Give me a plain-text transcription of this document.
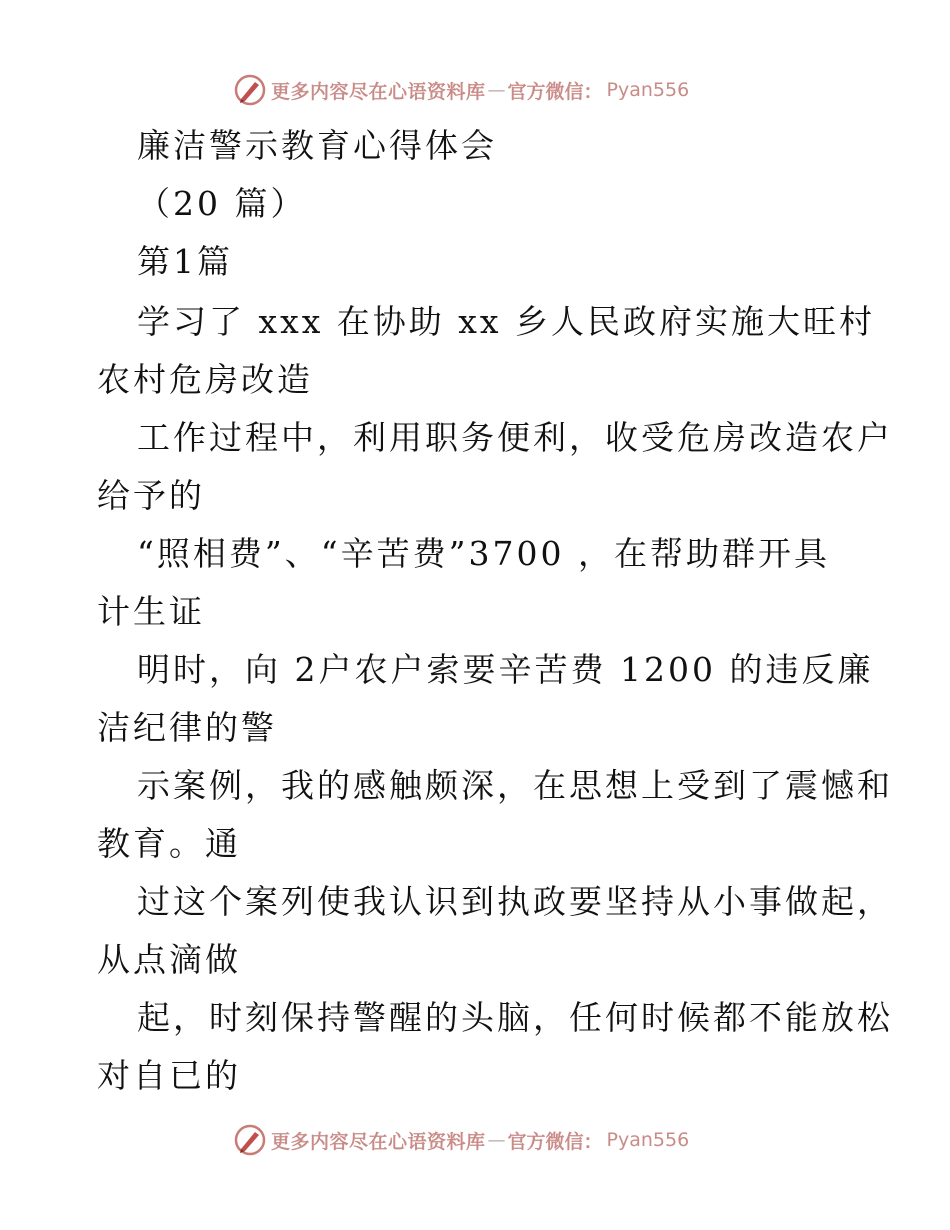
更多内容尽在心语资料库 — 官方微信： Pyan556
廉洁警示教育心得体会
（20 篇）
第1篇
学习了 xxx 在协助 xx 乡人民政府实施大旺村
农村危房改造
工作过程中，利用职务便利，收受危房改造农户
给予的
“照相费”、“辛苦费”3700 ，在帮助群开具
计生证
明时，向 2户农户索要辛苦费 1200 的违反廉
洁纪律的警
示案例，我的感触颇深，在思想上受到了震憾和
教育。通
过这个案列使我认识到执政要坚持从小事做起，
从点滴做
起，时刻保持警醒的头脑，任何时候都不能放松
对自已的
更多内容尽在心语资料库 — 官方微信： Pyan556
